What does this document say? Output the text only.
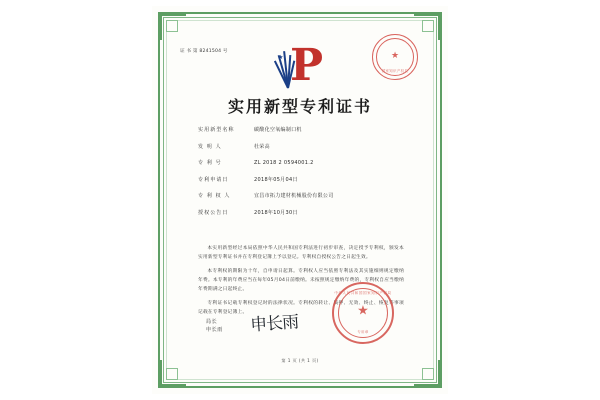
证 书 第 8241504 号	★
国家知识产权局
★ P
实用新型专利证书
实用新型名称	碳酸化空氧编制口机
发 明 人	杜荣高
专 利 号	ZL 2018 2 0594001.2
专利申请日	2018年05月04日
专 利 权 人	宜昌市拓力建材机械股份有限公司
授权公告日	2018年10月30日

本实用新型经过本局依照中华人民共和国专利法进行初步审查，决定授予专利权，颁发本实用新型专利证书并在专利登记簿上予以登记。专利权自授权公告之日起生效。

本专利权的期限为十年，自申请日起算。专利权人应当依照专利法及其实施细则规定缴纳年费。本专利的年费应当在每年05月04日前缴纳。未按照规定缴纳年费的，专利权自应当缴纳年费期满之日起终止。

专利证书记载专利权登记时的法律状况。专利权的转让、质押、无效、终止、恢复等事项记载在专利登记簿上。

局长
申长雨 申长雨
中华人民共和国国家知识产权局
★
专用章
第 1 页 (共 1 页)
